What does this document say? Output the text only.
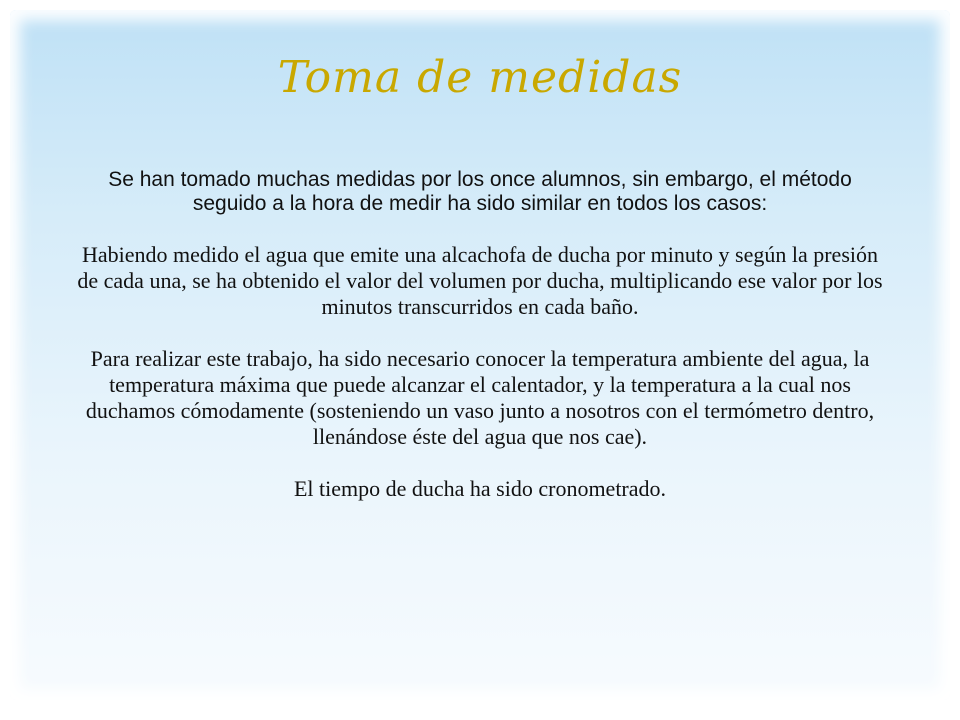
Toma de medidas

Se han tomado muchas medidas por los once alumnos, sin embargo, el método seguido a la hora de medir ha sido similar en todos los casos:

Habiendo medido el agua que emite una alcachofa de ducha por minuto y según la presión de cada una, se ha obtenido el valor del volumen por ducha, multiplicando ese valor por los minutos transcurridos en cada baño.

Para realizar este trabajo, ha sido necesario conocer la temperatura ambiente del agua, la temperatura máxima que puede alcanzar el calentador, y la temperatura a la cual nos duchamos cómodamente (sosteniendo un vaso junto a nosotros con el termómetro dentro, llenándose éste del agua que nos cae).

El tiempo de ducha ha sido cronometrado.
